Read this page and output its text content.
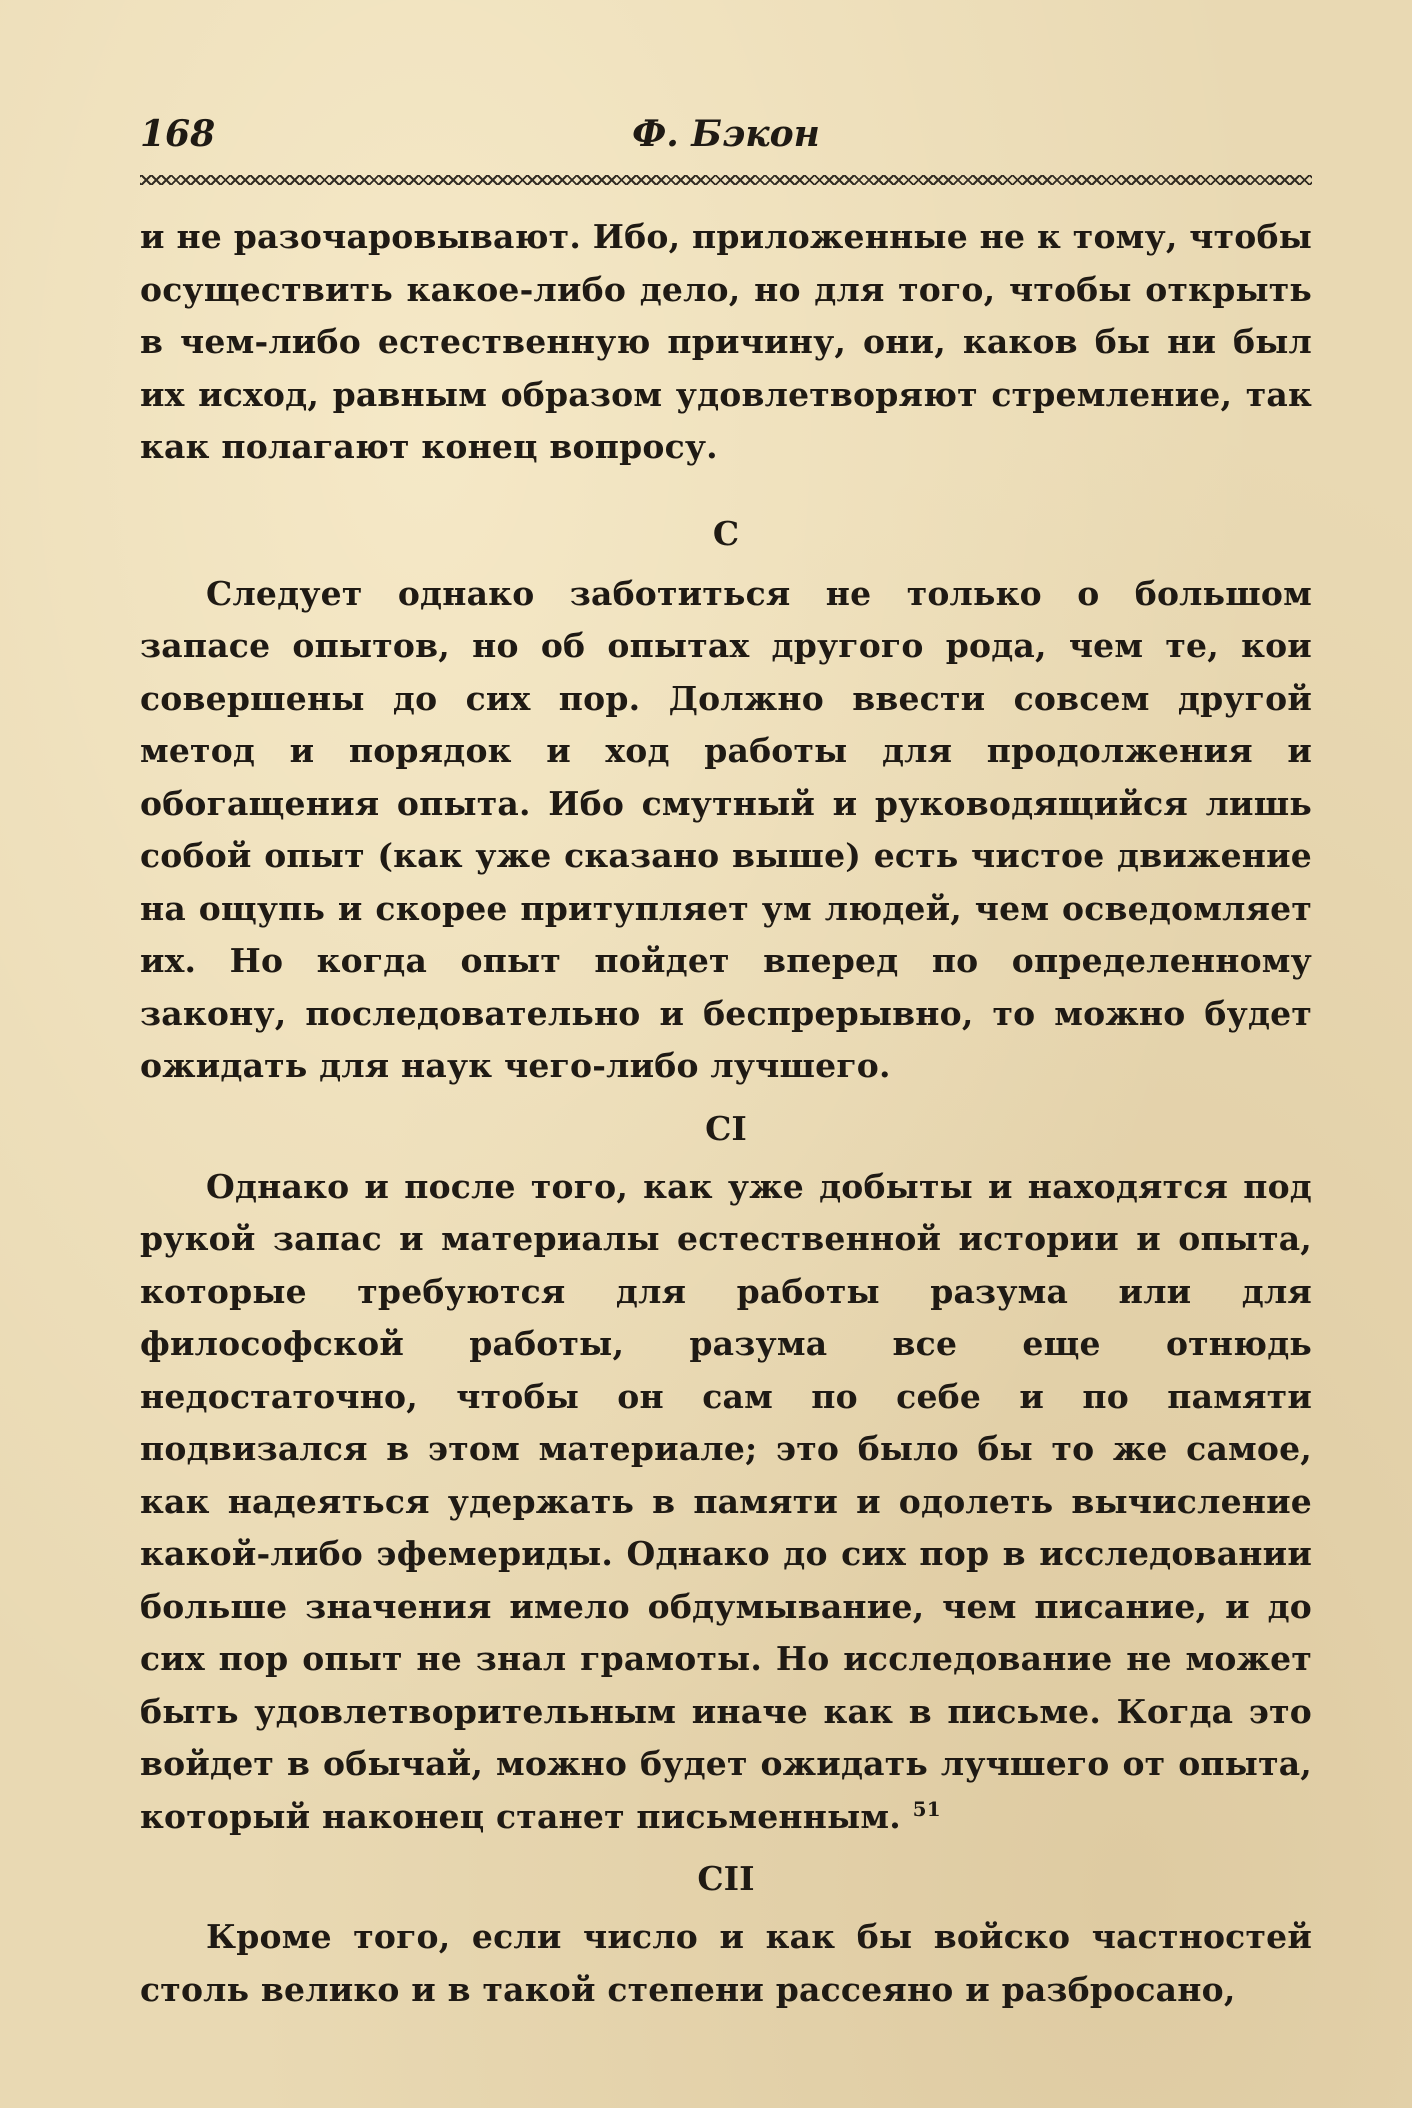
168	Ф. Бэкон

и не разочаровывают. Ибо, приложенные не к тому, чтобы осуществить какое-либо дело, но для того, чтобы открыть в чем-либо естественную причину, они, каков бы ни был их исход, равным образом удовлетворяют стремление, так как полагают конец вопросу.

C

Следует однако заботиться не только о большом запасе опытов, но об опытах другого рода, чем те, кои совершены до сих пор. Должно ввести совсем другой метод и порядок и ход работы для продолжения и обогащения опыта. Ибо смутный и руководящийся лишь собой опыт (как уже сказано выше) есть чистое движение на ощупь и скорее притупляет ум людей, чем осведомляет их. Но когда опыт пойдет вперед по определенному закону, последовательно и беспрерывно, то можно будет ожидать для наук чего-либо лучшего.

CI

Однако и после того, как уже добыты и находятся под рукой запас и материалы естественной истории и опыта, которые требуются для работы разума или для философской работы, разума все еще отнюдь недостаточно, чтобы он сам по себе и по памяти подвизался в этом материале; это было бы то же самое, как надеяться удержать в памяти и одолеть вычисление какой-либо эфемериды. Однако до сих пор в исследовании больше значения имело обдумывание, чем писание, и до сих пор опыт не знал грамоты. Но исследование не может быть удовлетворительным иначе как в письме. Когда это войдет в обычай, можно будет ожидать лучшего от опыта, который наконец станет письменным. $^{51}$

CII

Кроме того, если число и как бы войско частностей столь велико и в такой степени рассеяно и разбросано,
